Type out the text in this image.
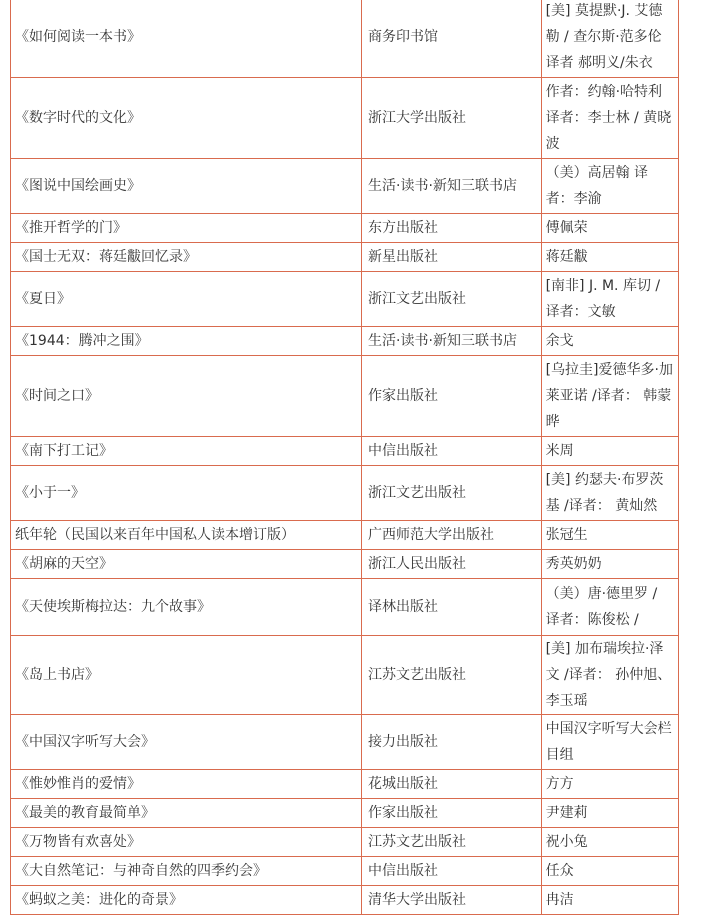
《如何阅读一本书》	商务印书馆	[美] 莫提默·J. 艾德勒 / 查尔斯·范多伦 译者 郝明义/朱衣
《数字时代的文化》	浙江大学出版社	作者：约翰·哈特利 译者：李士林 / 黄晓波
《图说中国绘画史》	生活·读书·新知三联书店	（美）高居翰 译者：李渝
《推开哲学的门》	东方出版社	傅佩荣
《国士无双：蒋廷黻回忆录》	新星出版社	蒋廷黻
《夏日》	浙江文艺出版社	[南非] J. M. 库切 / 译者：文敏
《1944：腾冲之围》	生活·读书·新知三联书店	余戈
《时间之口》	作家出版社	[乌拉圭]爱德华多·加莱亚诺 /译者： 韩蒙晔
《南下打工记》	中信出版社	米周
《小于一》	浙江文艺出版社	[美] 约瑟夫·布罗茨基 /译者： 黄灿然
纸年轮（民国以来百年中国私人读本增订版）	广西师范大学出版社	张冠生
《胡麻的天空》	浙江人民出版社	秀英奶奶
《天使埃斯梅拉达：九个故事》	译林出版社	（美）唐·德里罗 / 译者：陈俊松 /
《岛上书店》	江苏文艺出版社	[美] 加布瑞埃拉·泽文 /译者： 孙仲旭、李玉瑶
《中国汉字听写大会》	接力出版社	中国汉字听写大会栏目组
《惟妙惟肖的爱情》	花城出版社	方方
《最美的教育最简单》	作家出版社	尹建莉
《万物皆有欢喜处》	江苏文艺出版社	祝小兔
《大自然笔记：与神奇自然的四季约会》	中信出版社	任众
《蚂蚁之美：进化的奇景》	清华大学出版社	冉洁
